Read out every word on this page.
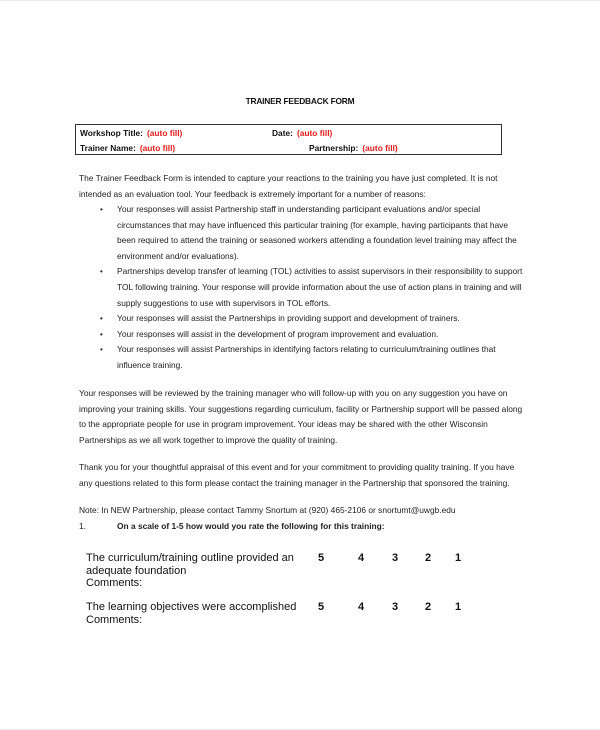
TRAINER FEEDBACK FORM
Workshop Title: (auto fill)	Date: (auto fill)
Trainer Name: (auto fill)	Partnership: (auto fill)
The Trainer Feedback Form is intended to capture your reactions to the training you have just completed. It is not intended as an evaluation tool. Your feedback is extremely important for a number of reasons:
• Your responses will assist Partnership staff in understanding participant evaluations and/or special circumstances that may have influenced this particular training (for example, having participants that have been required to attend the training or seasoned workers attending a foundation level training may affect the environment and/or evaluations).
• Partnerships develop transfer of learning (TOL) activities to assist supervisors in their responsibility to support TOL following training. Your response will provide information about the use of action plans in training and will supply suggestions to use with supervisors in TOL efforts.
• Your responses will assist the Partnerships in providing support and development of trainers.
• Your responses will assist in the development of program improvement and evaluation.
• Your responses will assist Partnerships in identifying factors relating to curriculum/training outlines that influence training.
Your responses will be reviewed by the training manager who will follow-up with you on any suggestion you have on improving your training skills. Your suggestions regarding curriculum, facility or Partnership support will be passed along to the appropriate people for use in program improvement. Your ideas may be shared with the other Wisconsin Partnerships as we all work together to improve the quality of training.
Thank you for your thoughtful appraisal of this event and for your commitment to providing quality training. If you have any questions related to this form please contact the training manager in the Partnership that sponsored the training.
Note: In NEW Partnership, please contact Tammy Snortum at (920) 465-2106 or snortumt@uwgb.edu
1.	On a scale of 1-5 how would you rate the following for this training:
The curriculum/training outline provided an adequate foundation
Comments:
5	4	3 2 1
The learning objectives were accomplished
Comments:
5	4	3 2 1
